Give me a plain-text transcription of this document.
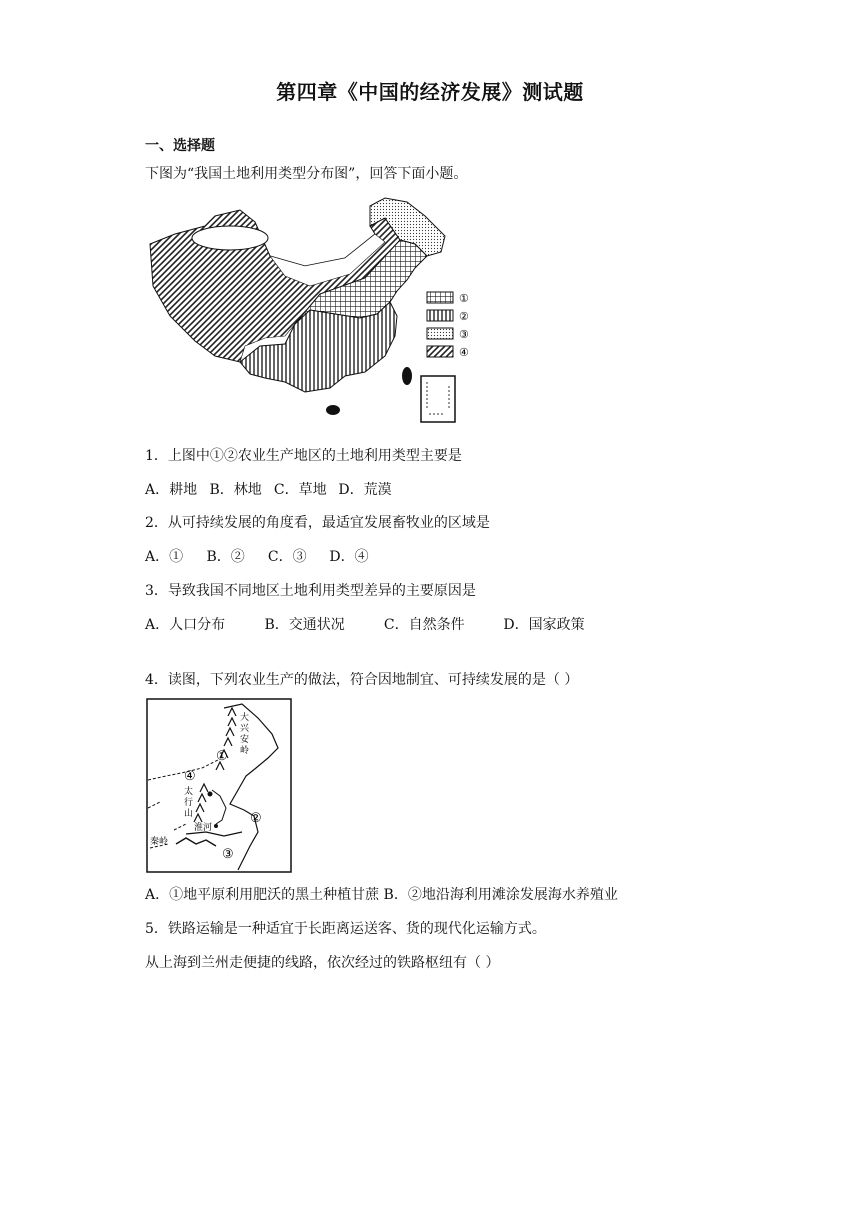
第四章《中国的经济发展》测试题
一、选择题
下图为“我国土地利用类型分布图”，回答下面小题。
①
②
③
④
1．上图中①②农业生产地区的土地利用类型主要是
A．耕地 B．林地 C．草地 D．荒漠
2．从可持续发展的角度看，最适宜发展畜牧业的区域是
A．① B．② C．③ D．④
3．导致我国不同地区土地利用类型差异的主要原因是
A．人口分布	B．交通状况	C．自然条件	D．国家政策
4．读图，下列农业生产的做法，符合因地制宜、可持续发展的是（ ）
大
兴
安
岭
太
行
山
淮河
秦岭
①
②
③
④
A．①地平原利用肥沃的黑土种植甘蔗 B．②地沿海利用滩涂发展海水养殖业
5．铁路运输是一种适宜于长距离运送客、货的现代化运输方式。
从上海到兰州走便捷的线路，依次经过的铁路枢纽有（ ）
